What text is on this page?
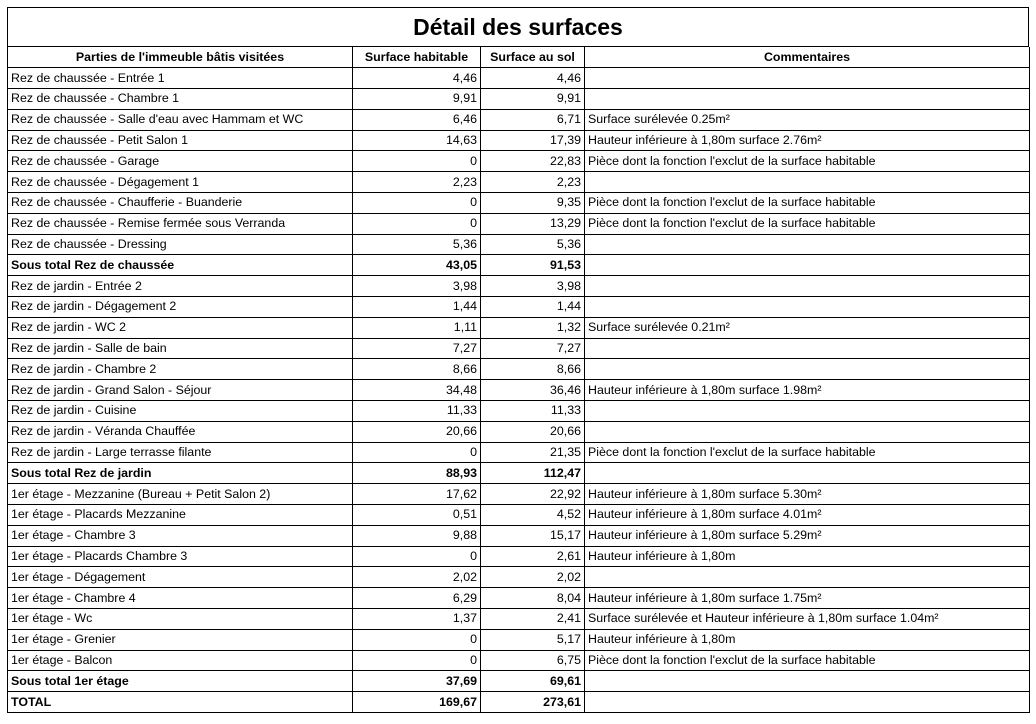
Détail des surfaces
Parties de l'immeuble bâtis visitées	Surface habitable	Surface au sol	Commentaires
Rez de chaussée - Entrée 1	4,46	4,46	
Rez de chaussée - Chambre 1	9,91	9,91	
Rez de chaussée - Salle d'eau avec Hammam et WC	6,46	6,71	Surface surélevée 0.25m²
Rez de chaussée - Petit Salon 1	14,63	17,39	Hauteur inférieure à 1,80m surface 2.76m²
Rez de chaussée - Garage	0	22,83	Pièce dont la fonction l'exclut de la surface habitable
Rez de chaussée - Dégagement 1	2,23	2,23	
Rez de chaussée - Chaufferie - Buanderie	0	9,35	Pièce dont la fonction l'exclut de la surface habitable
Rez de chaussée - Remise fermée sous Verranda	0	13,29	Pièce dont la fonction l'exclut de la surface habitable
Rez de chaussée - Dressing	5,36	5,36	
Sous total Rez de chaussée	43,05	91,53	
Rez de jardin - Entrée 2	3,98	3,98	
Rez de jardin - Dégagement 2	1,44	1,44	
Rez de jardin - WC 2	1,11	1,32	Surface surélevée 0.21m²
Rez de jardin - Salle de bain	7,27	7,27	
Rez de jardin - Chambre 2	8,66	8,66	
Rez de jardin - Grand Salon - Séjour	34,48	36,46	Hauteur inférieure à 1,80m surface 1.98m²
Rez de jardin - Cuisine	11,33	11,33	
Rez de jardin - Véranda Chauffée	20,66	20,66	
Rez de jardin - Large terrasse filante	0	21,35	Pièce dont la fonction l'exclut de la surface habitable
Sous total Rez de jardin	88,93	112,47	
1er étage - Mezzanine (Bureau + Petit Salon 2)	17,62	22,92	Hauteur inférieure à 1,80m surface 5.30m²
1er étage - Placards Mezzanine	0,51	4,52	Hauteur inférieure à 1,80m surface 4.01m²
1er étage - Chambre 3	9,88	15,17	Hauteur inférieure à 1,80m surface 5.29m²
1er étage - Placards Chambre 3	0	2,61	Hauteur inférieure à 1,80m
1er étage - Dégagement	2,02	2,02	
1er étage - Chambre 4	6,29	8,04	Hauteur inférieure à 1,80m surface 1.75m²
1er étage - Wc	1,37	2,41	Surface surélevée et Hauteur inférieure à 1,80m surface 1.04m²
1er étage - Grenier	0	5,17	Hauteur inférieure à 1,80m
1er étage - Balcon	0	6,75	Pièce dont la fonction l'exclut de la surface habitable
Sous total 1er étage	37,69	69,61	
TOTAL	169,67	273,61	
